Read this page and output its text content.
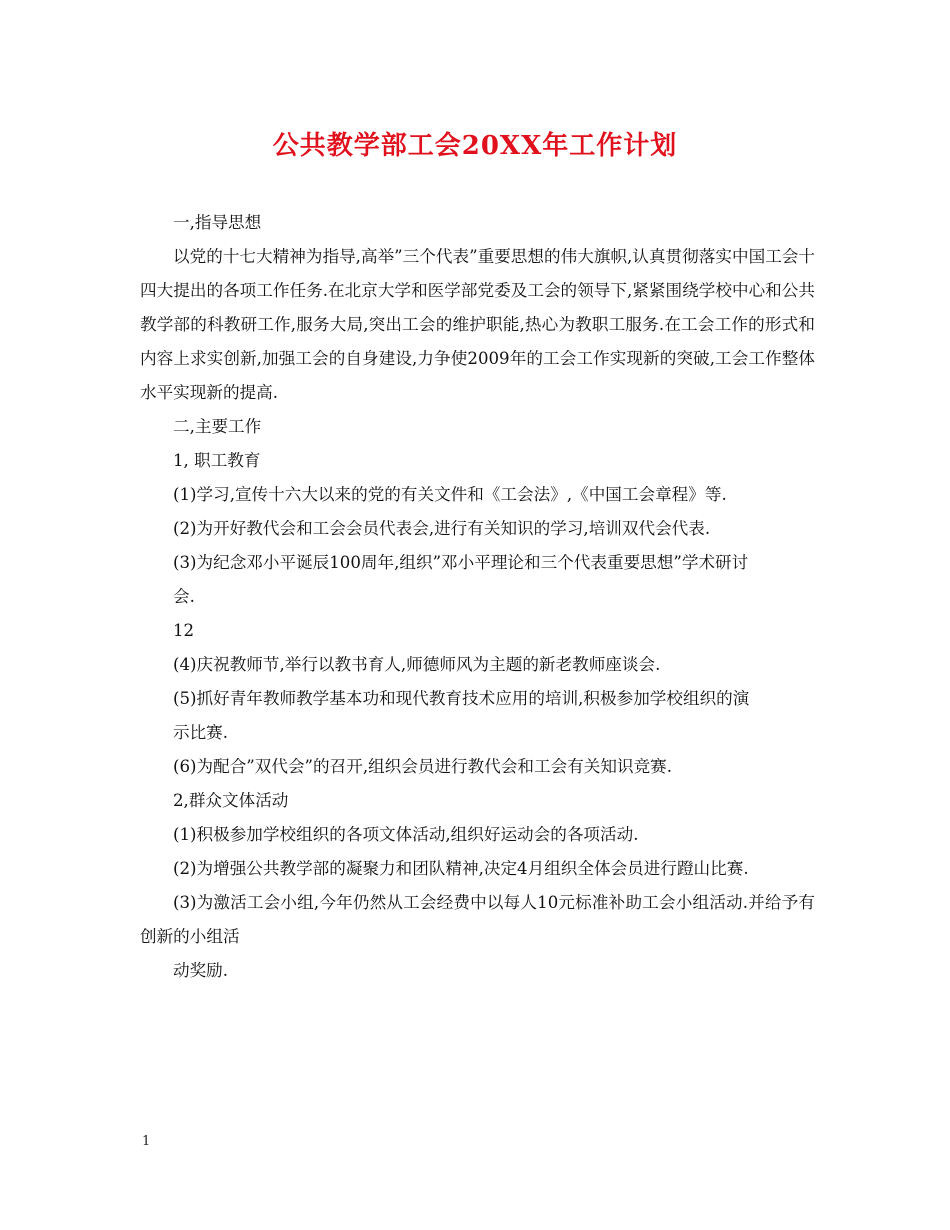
公共教学部工会20XX年工作计划

一,指导思想

以党的十七大精神为指导,高举”三个代表”重要思想的伟大旗帜,认真贯彻落实中国工会十四大提出的各项工作任务.在北京大学和医学部党委及工会的领导下,紧紧围绕学校中心和公共教学部的科教研工作,服务大局,突出工会的维护职能,热心为教职工服务.在工会工作的形式和内容上求实创新,加强工会的自身建设,力争使2009年的工会工作实现新的突破,工会工作整体水平实现新的提高.

二,主要工作

1, 职工教育

(1)学习,宣传十六大以来的党的有关文件和《工会法》,《中国工会章程》等.

(2)为开好教代会和工会会员代表会,进行有关知识的学习,培训双代会代表.

(3)为纪念邓小平诞辰100周年,组织”邓小平理论和三个代表重要思想”学术研讨

会.

12

(4)庆祝教师节,举行以教书育人,师德师风为主题的新老教师座谈会.

(5)抓好青年教师教学基本功和现代教育技术应用的培训,积极参加学校组织的演

示比赛.

(6)为配合”双代会”的召开,组织会员进行教代会和工会有关知识竞赛.

2,群众文体活动

(1)积极参加学校组织的各项文体活动,组织好运动会的各项活动.

(2)为增强公共教学部的凝聚力和团队精神,决定4月组织全体会员进行蹬山比赛.

(3)为激活工会小组,今年仍然从工会经费中以每人10元标准补助工会小组活动.并给予有创新的小组活

动奖励.

1
